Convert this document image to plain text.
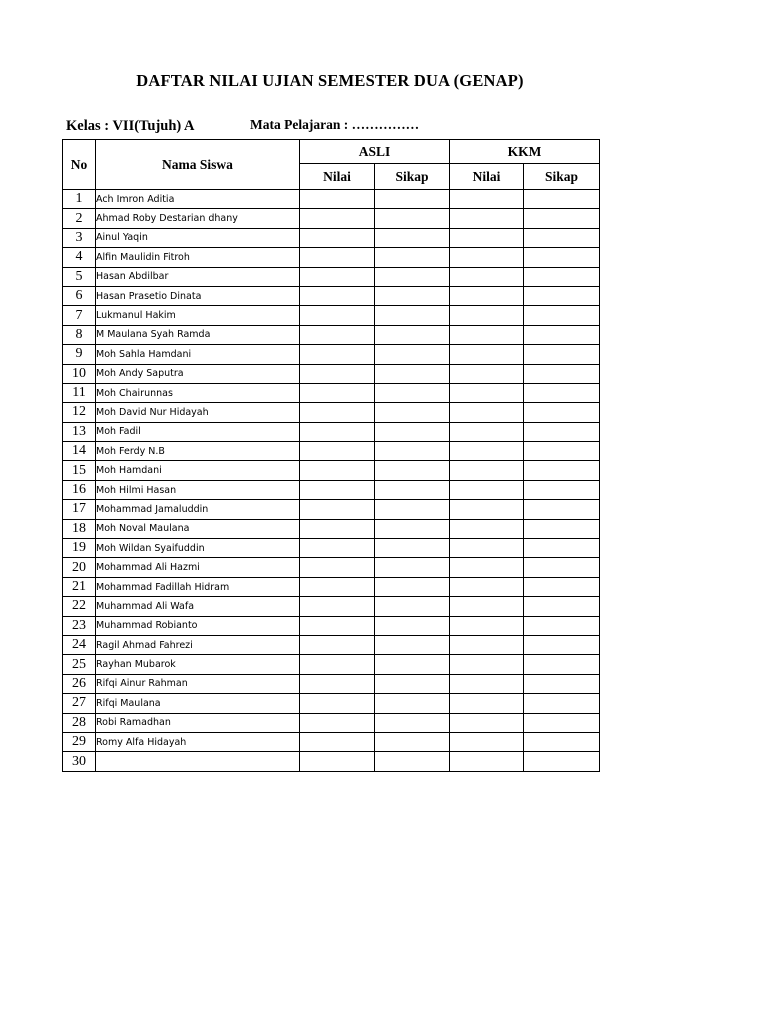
DAFTAR NILAI UJIAN SEMESTER DUA (GENAP)
Kelas : VII(Tujuh) A	Mata Pelajaran : ……………
No	Nama Siswa	ASLI		KKM	
		Nilai	Sikap	Nilai	Sikap
1	Ach Imron Aditia				
2	Ahmad Roby Destarian dhany				
3	Ainul Yaqin				
4	Alfin Maulidin Fitroh				
5	Hasan Abdilbar				
6	Hasan Prasetio Dinata				
7	Lukmanul Hakim				
8	M Maulana Syah Ramda				
9	Moh Sahla Hamdani				
10	Moh Andy Saputra				
11	Moh Chairunnas				
12	Moh David Nur Hidayah				
13	Moh Fadil				
14	Moh Ferdy N.B				
15	Moh Hamdani				
16	Moh Hilmi Hasan				
17	Mohammad Jamaluddin				
18	Moh Noval Maulana				
19	Moh Wildan Syaifuddin				
20	Mohammad Ali Hazmi				
21	Mohammad Fadillah Hidram				
22	Muhammad Ali Wafa				
23	Muhammad Robianto				
24	Ragil Ahmad Fahrezi				
25	Rayhan Mubarok				
26	Rifqi Ainur Rahman				
27	Rifqi Maulana				
28	Robi Ramadhan				
29	Romy Alfa Hidayah				
30					
